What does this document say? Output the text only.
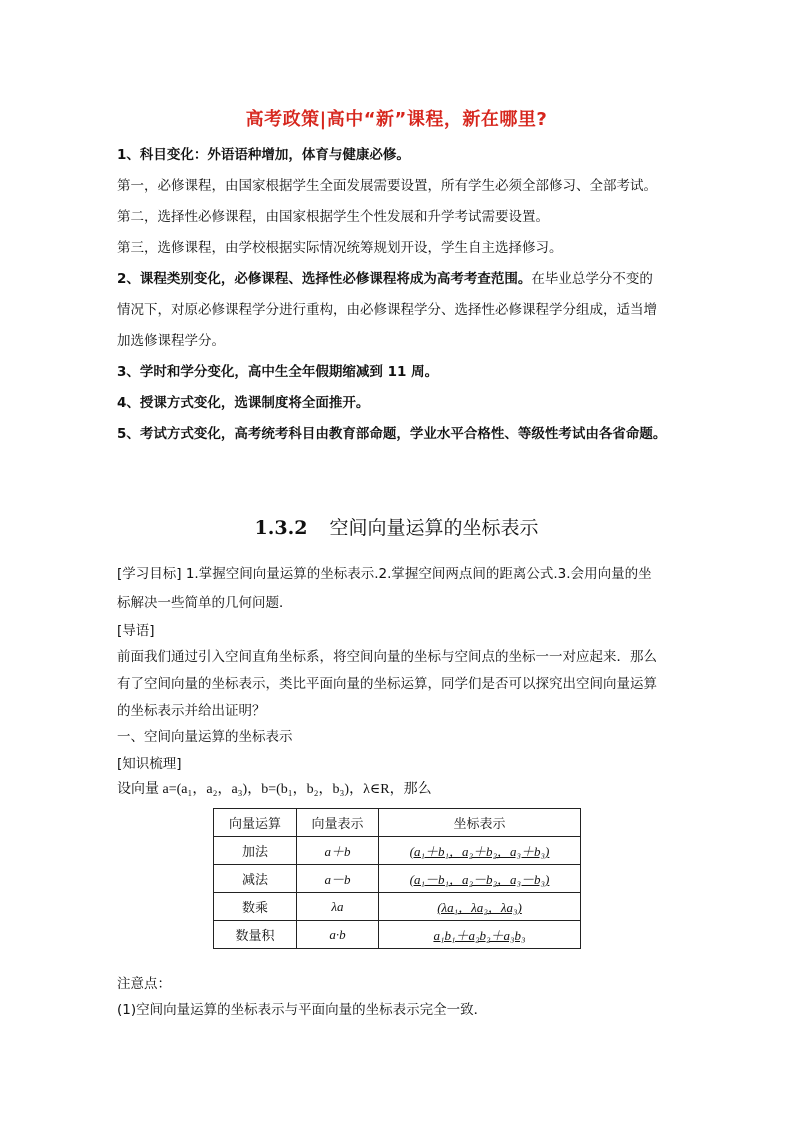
高考政策|高中“新”课程，新在哪里?
1、科目变化：外语语种增加，体育与健康必修。
第一，必修课程，由国家根据学生全面发展需要设置，所有学生必须全部修习、全部考试。
第二，选择性必修课程，由国家根据学生个性发展和升学考试需要设置。
第三，选修课程，由学校根据实际情况统筹规划开设，学生自主选择修习。
2、课程类别变化，必修课程、选择性必修课程将成为高考考查范围。在毕业总学分不变的
情况下，对原必修课程学分进行重构，由必修课程学分、选择性必修课程学分组成，适当增
加选修课程学分。
3、学时和学分变化，高中生全年假期缩减到 11 周。
4、授课方式变化，选课制度将全面推开。
5、考试方式变化，高考统考科目由教育部命题，学业水平合格性、等级性考试由各省命题。
1.3.2 空间向量运算的坐标表示
[学习目标] 1.掌握空间向量运算的坐标表示.2.掌握空间两点间的距离公式.3.会用向量的坐
标解决一些简单的几何问题．
[导语]
前面我们通过引入空间直角坐标系，将空间向量的坐标与空间点的坐标一一对应起来．那么
有了空间向量的坐标表示，类比平面向量的坐标运算，同学们是否可以探究出空间向量运算
的坐标表示并给出证明？
一、空间向量运算的坐标表示
[知识梳理]
设向量 a=(a₁，a₂，a₃)，b=(b₁，b₂，b₃)，λ∈R，那么
向量运算	向量表示	坐标表示
加法	a＋b	(a₁＋b₁，a₂＋b₂，a₃＋b₃)
减法	a－b	(a₁－b₁，a₂－b₂，a₃－b₃)
数乘	λa	(λa₁，λa₂，λa₃)
数量积	a·b	a₁b₁＋a₂b₂＋a₃b₃
注意点：
(1)空间向量运算的坐标表示与平面向量的坐标表示完全一致．
